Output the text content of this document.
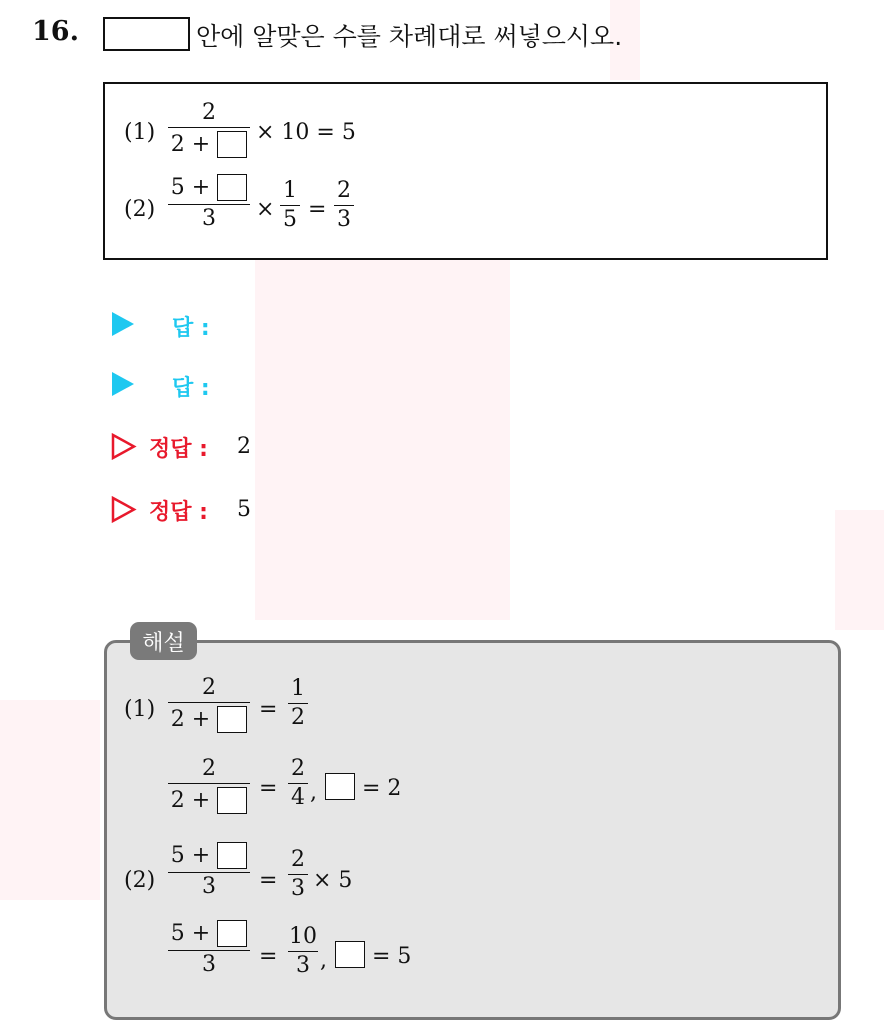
16.	안에 알맞은 수를 차례대로 써넣으시오.
(1)
2
2 +
× 10 = 5
(2)
5 +

3 ×
1
5 =
2
3
답 :
답 :
정답 : 2
정답 : 5
해설
(1)
2
2 +
=
1
2
2
2 +
=
2
4 , = 2
(2)
5 +

3 =
2
3 × 5
5 +

3 =
10
3 , = 5
